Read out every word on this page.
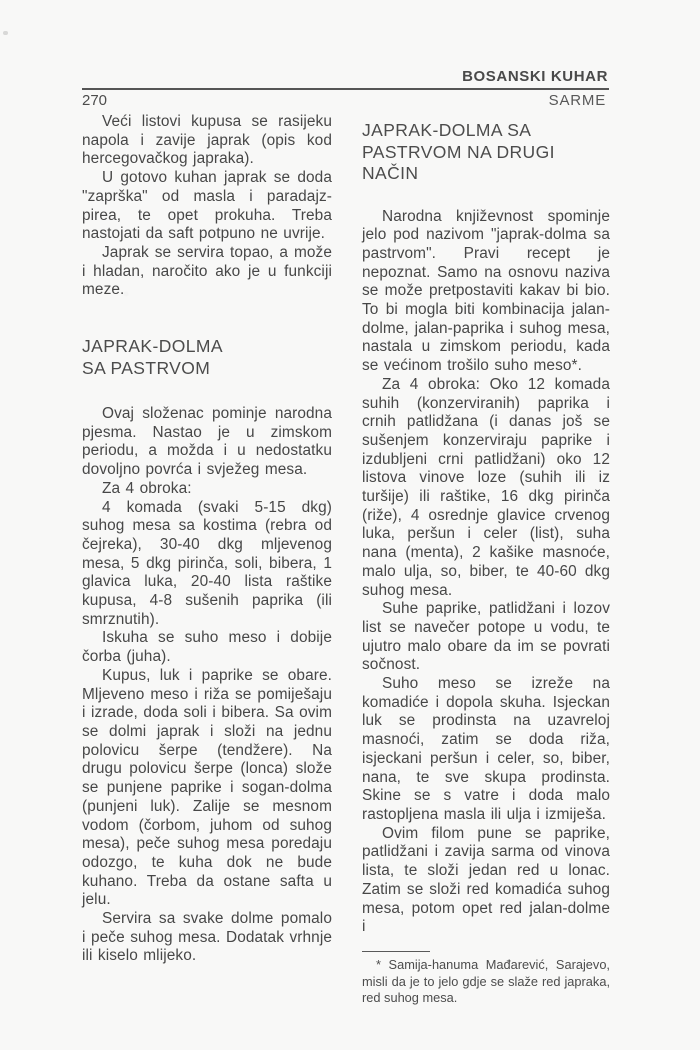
BOSANSKI KUHAR
270	SARME

Veći listovi kupusa se rasijeku napola i zavije japrak (opis kod hercegovačkog japraka).

U gotovo kuhan japrak se doda "zaprška" od masla i paradajz-pirea, te opet prokuha. Treba nastojati da saft potpuno ne uvrije.

Japrak se servira topao, a može i hladan, naročito ako je u funkciji meze.

JAPRAK-DOLMA
SA PASTRVOM

Ovaj složenac pominje narodna pjesma. Nastao je u zimskom periodu, a možda i u nedostatku dovoljno povrća i svježeg mesa.

Za 4 obroka:

4 komada (svaki 5-15 dkg) suhog mesa sa kostima (rebra od čejreka), 30-40 dkg mljevenog mesa, 5 dkg pirinča, soli, bibera, 1 glavica luka, 20-40 lista raštike kupusa, 4-8 sušenih paprika (ili smrznutih).

Iskuha se suho meso i dobije čorba (juha).

Kupus, luk i paprike se obare. Mljeveno meso i riža se pomiješaju i izrade, doda soli i bibera. Sa ovim se dolmi japrak i složi na jednu polovicu šerpe (tendžere). Na drugu polovicu šerpe (lonca) slože se punjene paprike i sogan-dolma (punjeni luk). Zalije se mesnom vodom (čorbom, juhom od suhog mesa), peče suhog mesa poredaju odozgo, te kuha dok ne bude kuhano. Treba da ostane safta u jelu.

Servira sa svake dolme pomalo i peče suhog mesa. Dodatak vrhnje ili kiselo mlijeko.

JAPRAK-DOLMA SA
PASTRVOM NA DRUGI NAČIN

Narodna književnost spominje jelo pod nazivom "japrak-dolma sa pastrvom". Pravi recept je nepoznat. Samo na osnovu naziva se može pretpostaviti kakav bi bio. To bi mogla biti kombinacija jalan-dolme, jalan-paprika i suhog mesa, nastala u zimskom periodu, kada se većinom trošilo suho meso*.

Za 4 obroka: Oko 12 komada suhih (konzerviranih) paprika i crnih patlidžana (i danas još se sušenjem konzerviraju paprike i izdubljeni crni patlidžani) oko 12 listova vinove loze (suhih ili iz turšije) ili raštike, 16 dkg pirinča (riže), 4 osrednje glavice crvenog luka, peršun i celer (list), suha nana (menta), 2 kašike masnoće, malo ulja, so, biber, te 40-60 dkg suhog mesa.

Suhe paprike, patlidžani i lozov list se navečer potope u vodu, te ujutro malo obare da im se povrati sočnost.

Suho meso se izreže na komadiće i dopola skuha. Isjeckan luk se prodinsta na uzavreloj masnoći, zatim se doda riža, isjeckani peršun i celer, so, biber, nana, te sve skupa prodinsta. Skine se s vatre i doda malo rastopljena masla ili ulja i izmiješa.

Ovim filom pune se paprike, patlidžani i zavija sarma od vinova lista, te složi jedan red u lonac. Zatim se složi red komadića suhog mesa, potom opet red jalan-dolme i

* Samija-hanuma Mađarević, Sarajevo, misli da je to jelo gdje se slaže red japraka, red suhog mesa.
